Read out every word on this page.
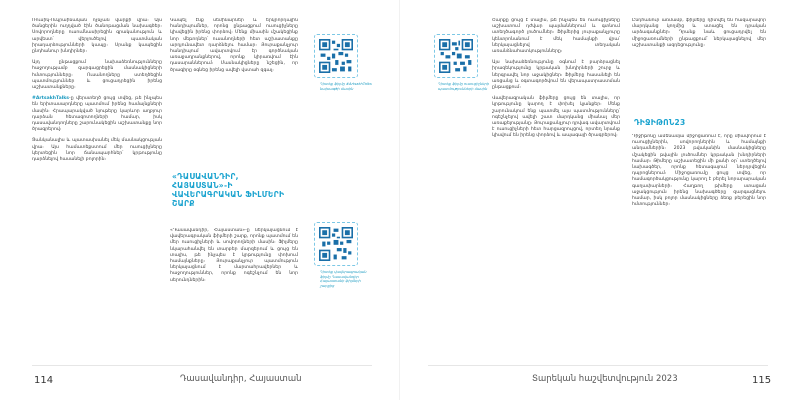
Ռուսիկ-Ուկրաինական ոչնչան վարքի վրա։ Այս ծանցերին ուղղված էին ծանոթացման նախագծեր։ Սովորողները ուսումնասիրեցին գրականություն և արվեստ՝ վերլուծելով պատմական իրադարձությունների կապը։ Սրանք կապեցին ընդհանուր խնդիրներ։

Այդ ընթացքում նախաձեռնությունները հաջողությամբ զարգացրեցին մասնակիցների հմտությունները։ Ուսանողները ստեղծեցին պատմություններ և ցուցադրեցին իրենց աշխատանքները։

#ArtsakhTalks-ը վերստեղծ ցույց տվեց, թե ինչպես են երիտասարդները պատմում իրենց համայնքների մասին։ Հրապարակված նյութերը կարևոր աղբյուր դարձան հետազոտողների համար, իսկ դասավանդողները շարունակեցին աշխատանքը նոր ծրագրերով։

Ցանկանալիս և պատասխանել մեկ մասնակցության վրա։ Այս համատեքստում մեր ուսուցիչները կերտեցին նոր ճանապարհներ՝ կրթությունը դարձնելով հասանելի բոլորին։

Կապել էնք սեմինարներ և երկրորդային հանդիպումներ, որոնց ընթացքում ուսուցիչները կիսվեցին իրենց փորձով։ Մենք միասին մշակեցինք նոր մեթոդներ՝ ուսանողների հետ աշխատանքը արդյունավետ դարձնելու համար։ Յուրաքանչյուր հանդիպում ավարտվում էր գործնական առաջադրանքներով, որոնք կիրառվում էին դասարաններում։ Մասնակիցները նշեցին, որ ծրագիրը օգնեց իրենց ավելի վստահ զգալ։

«ԴԱՍԱՎԱՆԴԻՐ, ՀԱՅԱՍՏԱՆ»-Ի ՎԱՎԵՐԱԳՐԱԿԱՆ ՖԻԼՄԵՐԻ ՇԱՐՔ

«Դասավանդիր, Հայաստան»-ը ներկայացնում է վավերագրական ֆիլմերի շարք, որոնք պատմում են մեր ուսուցիչների և սովորողների մասին։ Ֆիլմերը նկարահանվել են տարբեր մարզերում և ցույց են տալիս, թե ինչպես է կրթությունը փոխում համայնքները։ Յուրաքանչյուր պատմություն ներկայացնում է մարտահրավերներ և հաջողություններ, որոնք ոգեշնչում են նոր սերունդներին։

Դիտեք ֆիլմը #ArtsakhTalks նախագծի մասին
Դիտեք վավերագրական ֆիլմը Դասավանդիր Հայաստանի ֆիլմերի շարքից
114	Դասավանդիր, Հայաստան
Դիտեք ֆիլմը ուսուցիչների պատմությունների մասին

Շարքը ցույց է տալիս, թե ինչպես են ուսուցիչները աշխատում դժվար պայմաններում և գտնում ստեղծագործ լուծումներ։ Ֆիլմերից յուրաքանչյուրը կենտրոնանում է մեկ համայնքի վրա՝ ներկայացնելով տեղական առանձնահատկությունները։

Այս նախաձեռնությունը օգնում է բարձրացնել իրազեկությունը կրթական խնդիրների շուրջ և ներգրավել նոր աջակիցներ։ Ֆիլմերը հասանելի են առցանց և օգտագործվում են վերապատրաստման ընթացքում։

Վավերագրական ֆիլմերը ցույց են տալիս, որ կրթությունը կարող է փոխել կյանքեր։ Մենք շարունակում ենք պատմել այս պատմությունները՝ ոգեշնչելով ավելի շատ մարդկանց միանալ մեր առաքելությանը։ Յուրաքանչյուր դրվագ ավարտվում է ուսուցիչների հետ հարցազրույցով, որտեղ նրանք կիսվում են իրենց փորձով և ապագայի ծրագրերով։

Ընդհանուր առմամբ, ֆիլմերը դիտվել են հազարավոր մարդկանց կողմից և ստացել են դրական արձագանքներ։ Դրանք նաև ցուցադրվել են միջոցառումների ընթացքում՝ ներկայացնելով մեր աշխատանքի ազդեցությունը։

ԴԻՋԻԹՈՆ23

Դիջիթոնը ամենամյա միջոցառում է, որը միավորում է ուսուցիչներին, սովորողներին և համայնքի անդամներին։ 2023 թվականին մասնակիցները մշակեցին թվային լուծումներ կրթական խնդիրների համար։ Թիմերը աշխատեցին մի քանի օր՝ ստեղծելով նախագծեր, որոնք հետագայում ներդրվեցին դպրոցներում։ Միջոցառումը ցույց տվեց, որ համագործակցությունը կարող է բերել նորարարական գաղափարների։ Հաղթող թիմերը ստացան աջակցություն իրենց նախագծերը զարգացնելու համար, իսկ բոլոր մասնակիցները ձեռք բերեցին նոր հմտություններ։

Տարեկան հաշվետվություն 2023	115
